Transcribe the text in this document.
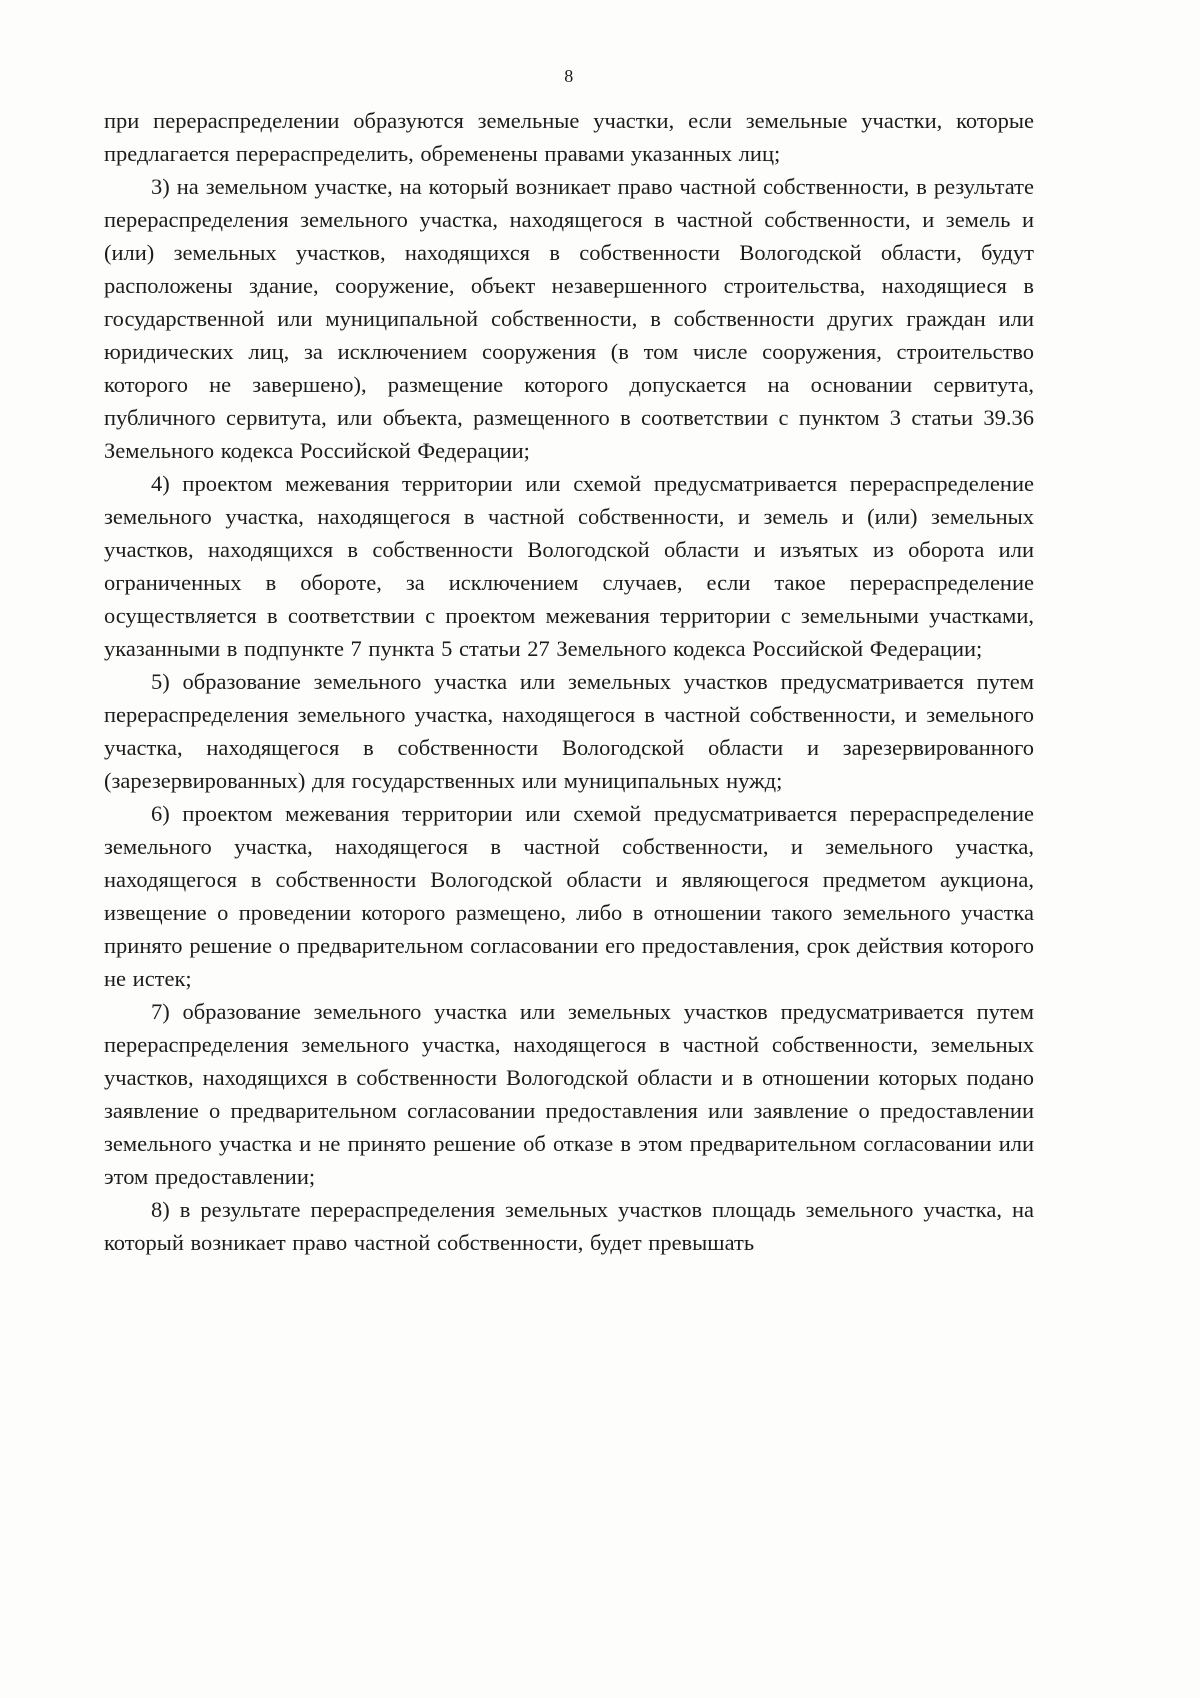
8

при перераспределении образуются земельные участки, если земельные участки, которые предлагается перераспределить, обременены правами указанных лиц;

3) на земельном участке, на который возникает право частной собственности, в результате перераспределения земельного участка, находящегося в частной собственности, и земель и (или) земельных участков, находящихся в собственности Вологодской области, будут расположены здание, сооружение, объект незавершенного строительства, находящиеся в государственной или муниципальной собственности, в собственности других граждан или юридических лиц, за исключением сооружения (в том числе сооружения, строительство которого не завершено), размещение которого допускается на основании сервитута, публичного сервитута, или объекта, размещенного в соответствии с пунктом 3 статьи 39.36 Земельного кодекса Российской Федерации;

4) проектом межевания территории или схемой предусматривается перераспределение земельного участка, находящегося в частной собственности, и земель и (или) земельных участков, находящихся в собственности Вологодской области и изъятых из оборота или ограниченных в обороте, за исключением случаев, если такое перераспределение осуществляется в соответствии с проектом межевания территории с земельными участками, указанными в подпункте 7 пункта 5 статьи 27 Земельного кодекса Российской Федерации;

5) образование земельного участка или земельных участков предусматривается путем перераспределения земельного участка, находящегося в частной собственности, и земельного участка, находящегося в собственности Вологодской области и зарезервированного (зарезервированных) для государственных или муниципальных нужд;

6) проектом межевания территории или схемой предусматривается перераспределение земельного участка, находящегося в частной собственности, и земельного участка, находящегося в собственности Вологодской области и являющегося предметом аукциона, извещение о проведении которого размещено, либо в отношении такого земельного участка принято решение о предварительном согласовании его предоставления, срок действия которого не истек;

7) образование земельного участка или земельных участков предусматривается путем перераспределения земельного участка, находящегося в частной собственности, земельных участков, находящихся в собственности Вологодской области и в отношении которых подано заявление о предварительном согласовании предоставления или заявление о предоставлении земельного участка и не принято решение об отказе в этом предварительном согласовании или этом предоставлении;

8) в результате перераспределения земельных участков площадь земельного участка, на который возникает право частной собственности, будет превышать
